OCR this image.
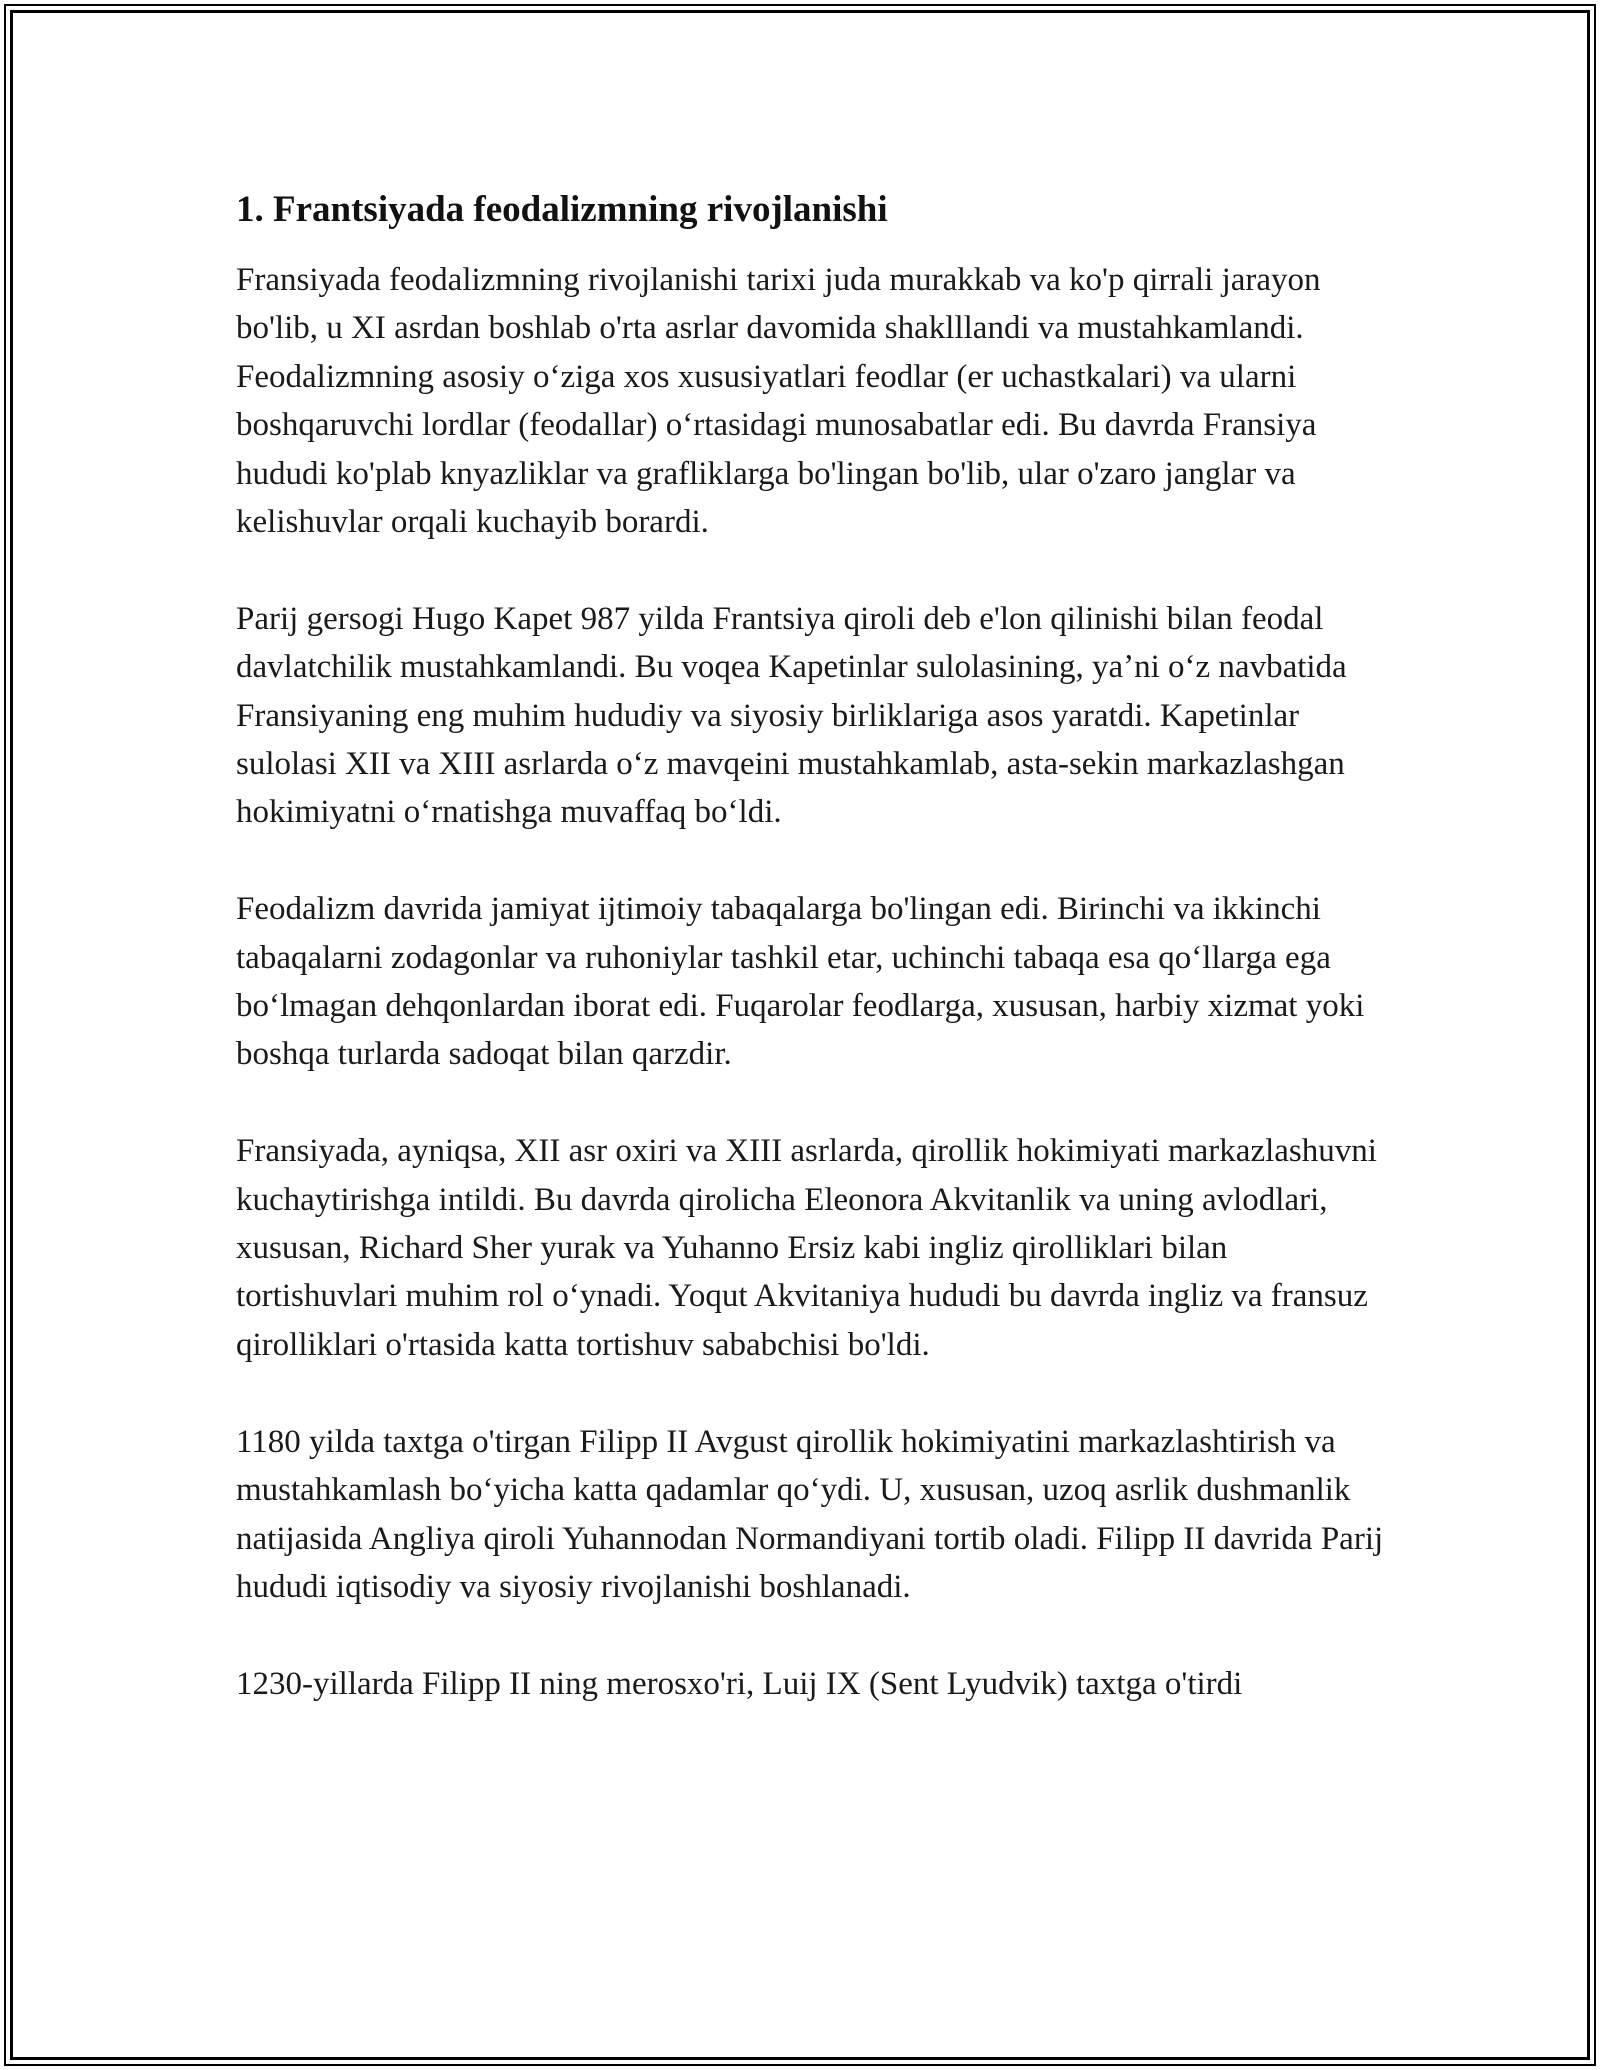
1. Frantsiyada feodalizmning rivojlanishi

Fransiyada feodalizmning rivojlanishi tarixi juda murakkab va ko'p qirrali jarayon bo'lib, u XI asrdan boshlab o'rta asrlar davomida shaklllandi va mustahkamlandi. Feodalizmning asosiy oʻziga xos xususiyatlari feodlar (er uchastkalari) va ularni boshqaruvchi lordlar (feodallar) oʻrtasidagi munosabatlar edi. Bu davrda Fransiya hududi ko'plab knyazliklar va grafliklarga bo'lingan bo'lib, ular o'zaro janglar va kelishuvlar orqali kuchayib borardi.

Parij gersogi Hugo Kapet 987 yilda Frantsiya qiroli deb e'lon qilinishi bilan feodal davlatchilik mustahkamlandi. Bu voqea Kapetinlar sulolasining, yaʼni oʻz navbatida Fransiyaning eng muhim hududiy va siyosiy birliklariga asos yaratdi. Kapetinlar sulolasi XII va XIII asrlarda oʻz mavqeini mustahkamlab, asta-sekin markazlashgan hokimiyatni oʻrnatishga muvaffaq boʻldi.

Feodalizm davrida jamiyat ijtimoiy tabaqalarga bo'lingan edi. Birinchi va ikkinchi tabaqalarni zodagonlar va ruhoniylar tashkil etar, uchinchi tabaqa esa qoʻllarga ega boʻlmagan dehqonlardan iborat edi. Fuqarolar feodlarga, xususan, harbiy xizmat yoki boshqa turlarda sadoqat bilan qarzdir.

Fransiyada, ayniqsa, XII asr oxiri va XIII asrlarda, qirollik hokimiyati markazlashuvni kuchaytirishga intildi. Bu davrda qirolicha Eleonora Akvitanlik va uning avlodlari, xususan, Richard Sher yurak va Yuhanno Ersiz kabi ingliz qirolliklari bilan tortishuvlari muhim rol oʻynadi. Yoqut Akvitaniya hududi bu davrda ingliz va fransuz qirolliklari o'rtasida katta tortishuv sababchisi bo'ldi.

1180 yilda taxtga o'tirgan Filipp II Avgust qirollik hokimiyatini markazlashtirish va mustahkamlash boʻyicha katta qadamlar qoʻydi. U, xususan, uzoq asrlik dushmanlik natijasida Angliya qiroli Yuhannodan Normandiyani tortib oladi. Filipp II davrida Parij hududi iqtisodiy va siyosiy rivojlanishi boshlanadi.

1230-yillarda Filipp II ning merosxo'ri, Luij IX (Sent Lyudvik) taxtga o'tirdi
